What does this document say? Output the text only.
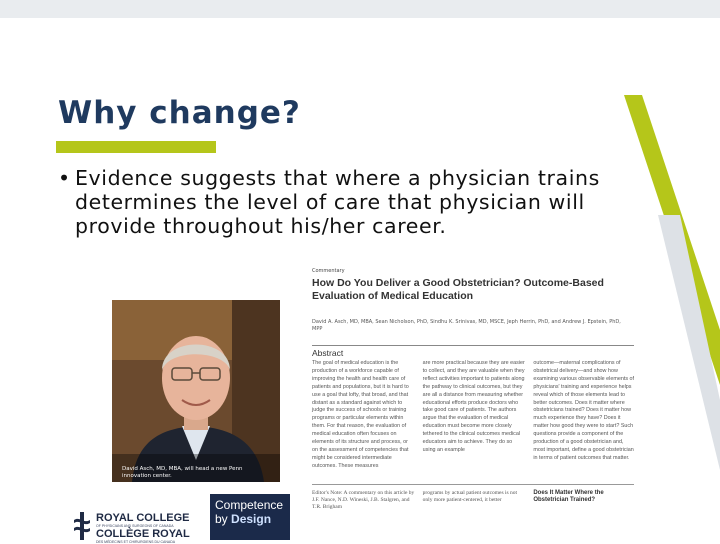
Why change?
• Evidence suggests that where a physician trains determines the level of care that physician will provide throughout his/her career.
Commentary
How Do You Deliver a Good Obstetrician? Outcome-Based Evaluation of Medical Education
David A. Asch, MD, MBA, Sean Nicholson, PhD, Sindhu K. Srinivas, MD, MSCE, Jeph Herrin, PhD, and Andrew J. Epstein, PhD, MPP
Abstract
The goal of medical education is the production of a workforce capable of improving the health and health care of patients and populations, but it is hard to use a goal that lofty, that broad, and that distant as a standard against which to judge the success of schools or training programs or particular elements within them. For that reason, the evaluation of medical education often focuses on elements of its structure and process, or on the assessment of competencies that might be considered intermediate outcomes. These measures
are more practical because they are easier to collect, and they are valuable when they reflect activities important to patients along the pathway to clinical outcomes, but they are all a distance from measuring whether educational efforts produce doctors who take good care of patients. The authors argue that the evaluation of medical education must become more closely tethered to the clinical outcomes medical educators aim to achieve. They do so using an example
outcome—maternal complications of obstetrical delivery—and show how examining various observable elements of physicians' training and experience helps reveal which of those elements lead to better outcomes. Does it matter where obstetricians trained? Does it matter how much experience they have? Does it matter how good they were to start? Such questions provide a component of the production of a good obstetrician and, most important, define a good obstetrician in terms of patient outcomes that matter.
Editor's Note: A commentary on this article by J.F. Nance, N.D. Wineski, J.B. Stalgren, and T.R. Brigham
programs by actual patient outcomes is not only more patient-centered, it better
Does It Matter Where the Obstetrician Trained?
David Asch, MD, MBA, will head a new Penn innovation center.
ROYAL COLLEGE
OF PHYSICIANS AND SURGEONS OF CANADA
COLLÈGE ROYAL
DES MÉDECINS ET CHIRURGIENS DU CANADA
Competence
by Design
